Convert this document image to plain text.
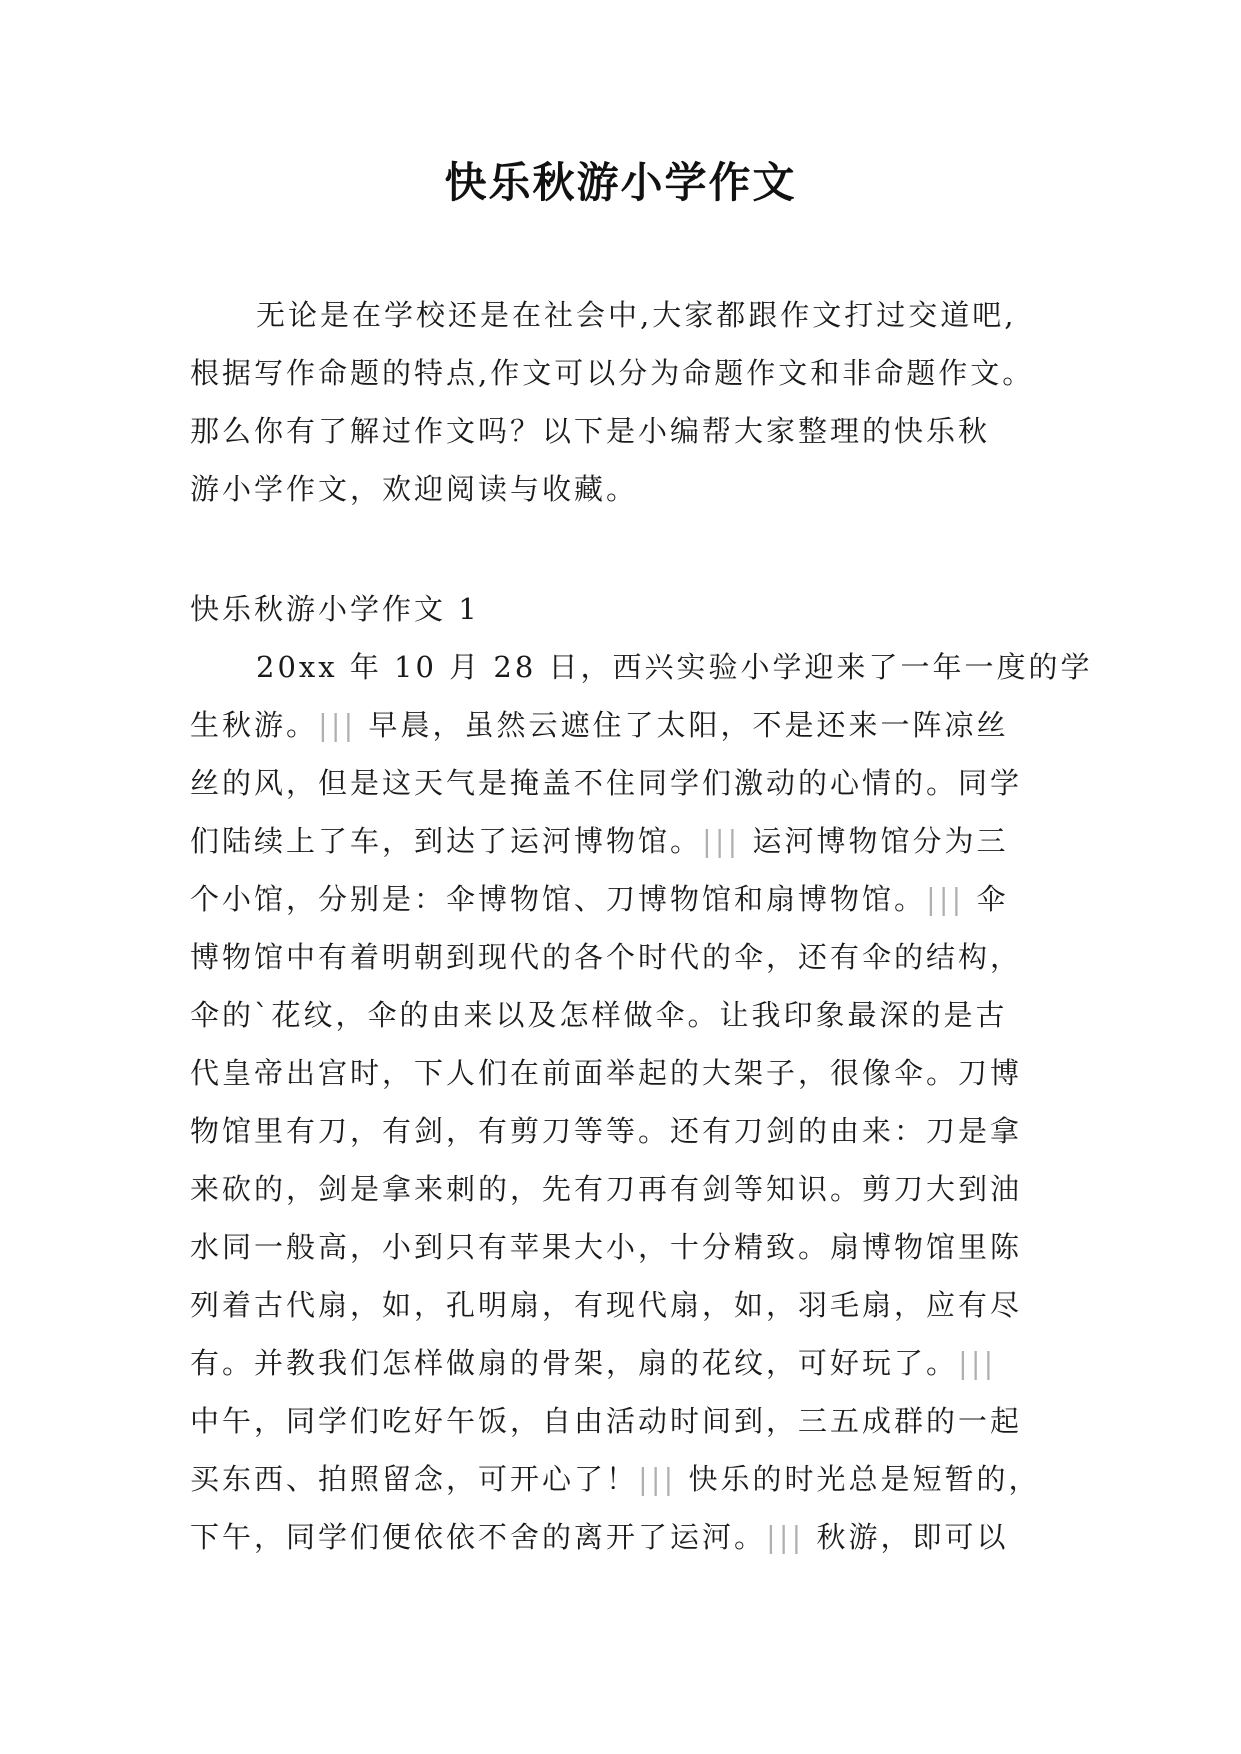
快乐秋游小学作文
无论是在学校还是在社会中,大家都跟作文打过交道吧,
根据写作命题的特点,作文可以分为命题作文和非命题作文。
那么你有了解过作文吗？以下是小编帮大家整理的快乐秋
游小学作文，欢迎阅读与收藏。
快乐秋游小学作文 1
20xx 年 10 月 28 日，西兴实验小学迎来了一年一度的学
生秋游。||| 早晨，虽然云遮住了太阳，不是还来一阵凉丝
丝的风，但是这天气是掩盖不住同学们激动的心情的。同学
们陆续上了车，到达了运河博物馆。||| 运河博物馆分为三
个小馆，分别是：伞博物馆、刀博物馆和扇博物馆。||| 伞
博物馆中有着明朝到现代的各个时代的伞，还有伞的结构，
伞的`花纹，伞的由来以及怎样做伞。让我印象最深的是古
代皇帝出宫时，下人们在前面举起的大架子，很像伞。刀博
物馆里有刀，有剑，有剪刀等等。还有刀剑的由来：刀是拿
来砍的，剑是拿来刺的，先有刀再有剑等知识。剪刀大到油
水同一般高，小到只有苹果大小，十分精致。扇博物馆里陈
列着古代扇，如，孔明扇，有现代扇，如，羽毛扇，应有尽
有。并教我们怎样做扇的骨架，扇的花纹，可好玩了。|||
中午，同学们吃好午饭，自由活动时间到，三五成群的一起
买东西、拍照留念，可开心了！||| 快乐的时光总是短暂的，
下午，同学们便依依不舍的离开了运河。||| 秋游，即可以
